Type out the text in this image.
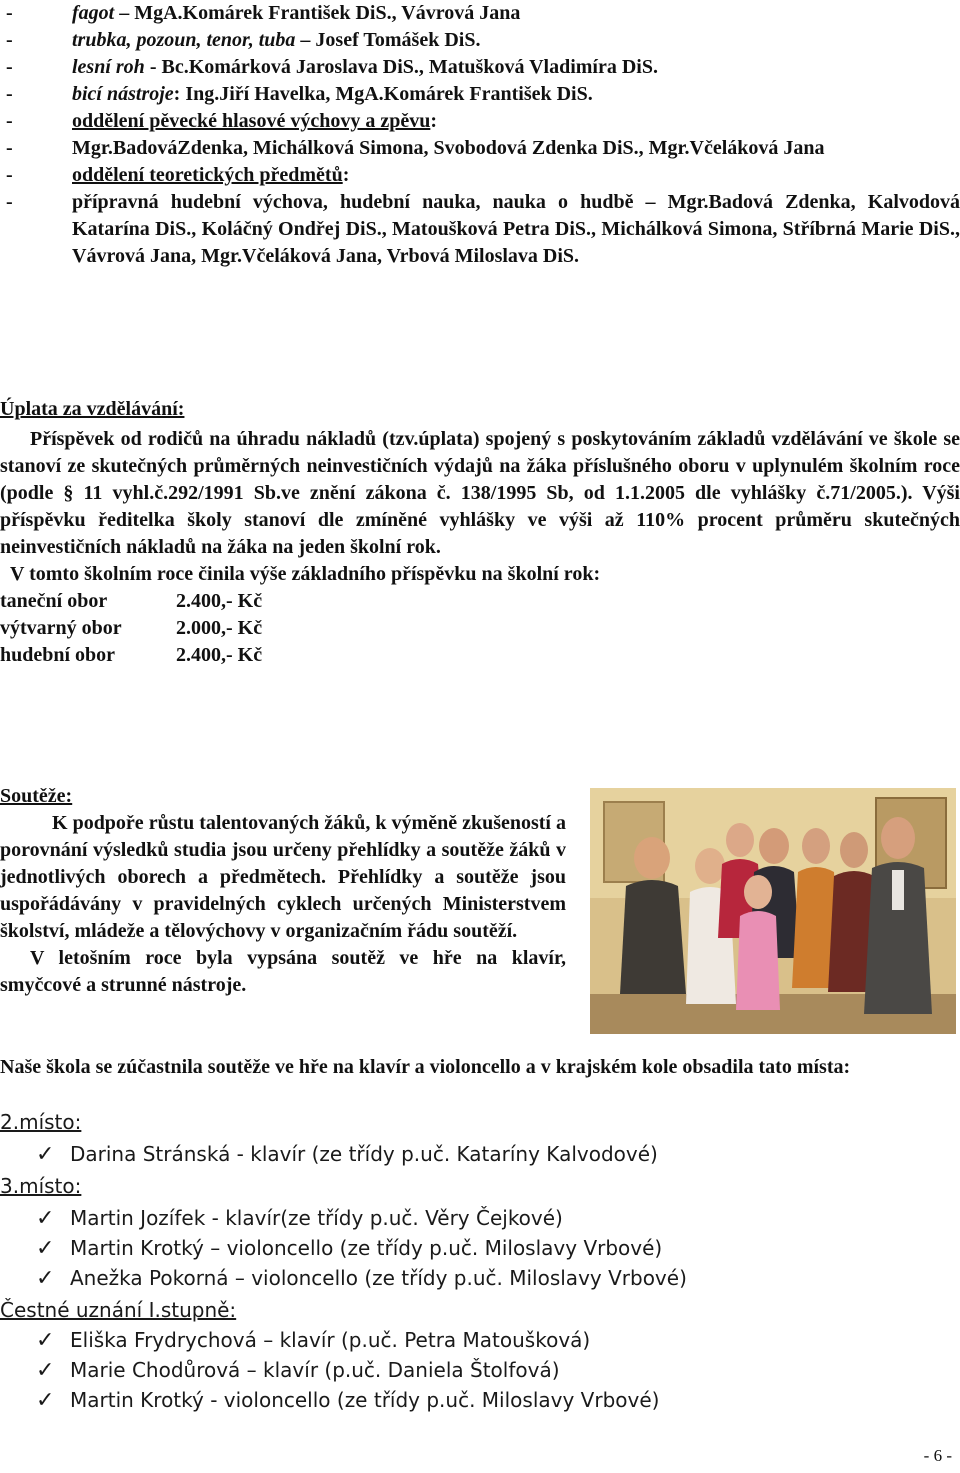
-	fagot – MgA.Komárek František DiS., Vávrová Jana
-	trubka, pozoun, tenor, tuba – Josef Tomášek DiS.
-	lesní roh - Bc.Komárková Jaroslava DiS., Matušková Vladimíra DiS.
-	bicí nástroje: Ing.Jiří Havelka, MgA.Komárek František DiS.
-	oddělení pěvecké hlasové výchovy a zpěvu:
-	Mgr.BadováZdenka, Michálková Simona, Svobodová Zdenka DiS., Mgr.Včeláková Jana
-	oddělení teoretických předmětů:
-	přípravná hudební výchova, hudební nauka, nauka o hudbě – Mgr.Badová Zdenka, Kalvodová Katarína DiS., Koláčný Ondřej DiS., Matoušková Petra DiS., Michálková Simona, Stříbrná Marie DiS., Vávrová Jana, Mgr.Včeláková Jana, Vrbová Miloslava DiS.
Úplata za vzdělávání:
Příspěvek od rodičů na úhradu nákladů (tzv.úplata) spojený s poskytováním základů vzdělávání ve škole se stanoví ze skutečných průměrných neinvestičních výdajů na žáka příslušného oboru v uplynulém školním roce (podle § 11 vyhl.č.292/1991 Sb.ve znění zákona č. 138/1995 Sb, od 1.1.2005 dle vyhlášky č.71/2005.). Výši příspěvku ředitelka školy stanoví dle zmíněné vyhlášky ve výši až 110% procent průměru skutečných neinvestičních nákladů na žáka na jeden školní rok.
V tomto školním roce činila výše základního příspěvku na školní rok:
taneční obor	2.400,- Kč
výtvarný obor	2.000,- Kč
hudební obor	2.400,- Kč
Soutěže:
K podpoře růstu talentovaných žáků, k výměně zkušeností a porovnání výsledků studia jsou určeny přehlídky a soutěže žáků v jednotlivých oborech a předmětech. Přehlídky a soutěže jsou uspořádávány v pravidelných cyklech určených Ministerstvem školství, mládeže a tělovýchovy v organizačním řádu soutěží.
V letošním roce byla vypsána soutěž ve hře na klavír, smyčcové a strunné nástroje.
Naše škola se zúčastnila soutěže ve hře na klavír a violoncello a v krajském kole obsadila tato místa:
2.místo:
✓ Darina Stránská - klavír (ze třídy p.uč. Kataríny Kalvodové)
3.místo:
✓ Martin Jozífek - klavír(ze třídy p.uč. Věry Čejkové)
✓ Martin Krotký – violoncello (ze třídy p.uč. Miloslavy Vrbové)
✓ Anežka Pokorná – violoncello (ze třídy p.uč. Miloslavy Vrbové)
Čestné uznání I.stupně:
✓ Eliška Frydrychová – klavír (p.uč. Petra Matoušková)
✓ Marie Chodůrová – klavír (p.uč. Daniela Štolfová)
✓ Martin Krotký - violoncello (ze třídy p.uč. Miloslavy Vrbové)
- 6 -
